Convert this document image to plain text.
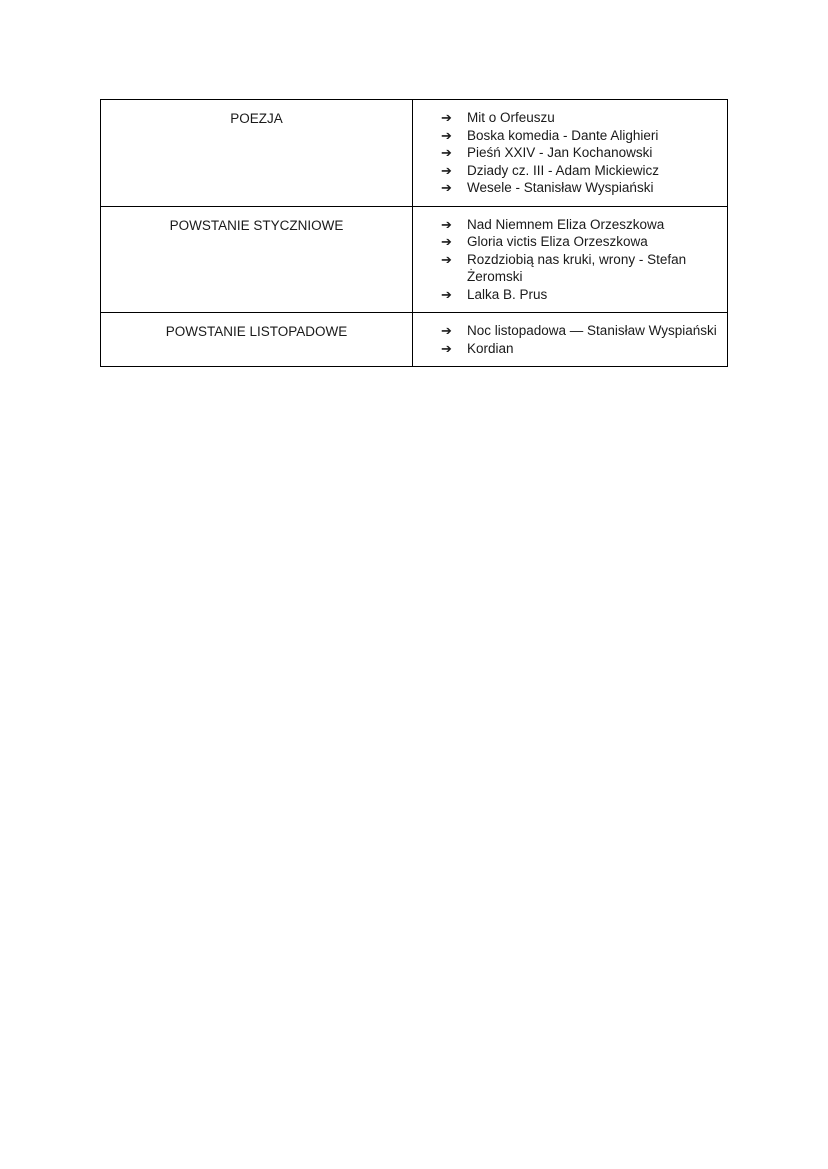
POEZJA	➔ Mit o Orfeuszu
➔ Boska komedia - Dante Alighieri
➔ Pieśń XXIV - Jan Kochanowski
➔ Dziady cz. III - Adam Mickiewicz
➔ Wesele - Stanisław Wyspiański

POWSTANIE STYCZNIOWE	➔ Nad Niemnem Eliza Orzeszkowa
➔ Gloria victis Eliza Orzeszkowa
➔ Rozdziobią nas kruki, wrony - Stefan Żeromski
➔ Lalka B. Prus

POWSTANIE LISTOPADOWE	➔ Noc listopadowa — Stanisław Wyspiański
➔ Kordian
